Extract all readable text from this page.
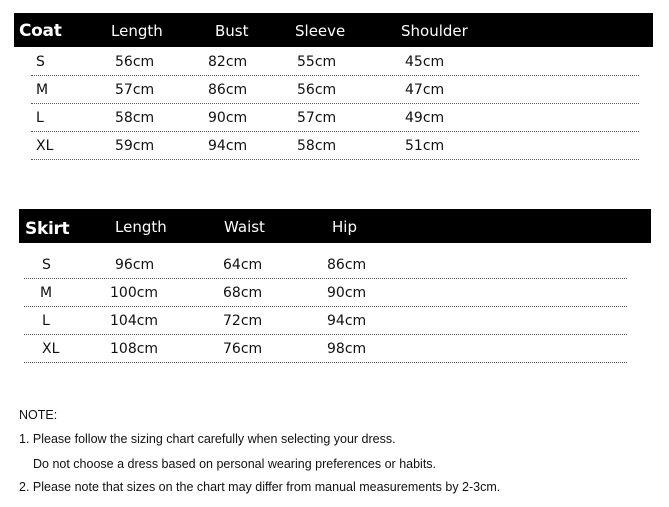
Coat	Length	Bust	Sleeve	Shoulder
S	56cm	82cm	55cm	45cm
M	57cm	86cm	56cm	47cm
L	58cm	90cm	57cm	49cm
XL	59cm	94cm	58cm	51cm
Skirt	Length	Waist	Hip
S	96cm	64cm	86cm
M	100cm	68cm	90cm
L	104cm	72cm	94cm
XL	108cm	76cm	98cm
NOTE:
1. Please follow the sizing chart carefully when selecting your dress.
Do not choose a dress based on personal wearing preferences or habits.
2. Please note that sizes on the chart may differ from manual measurements by 2-3cm.
